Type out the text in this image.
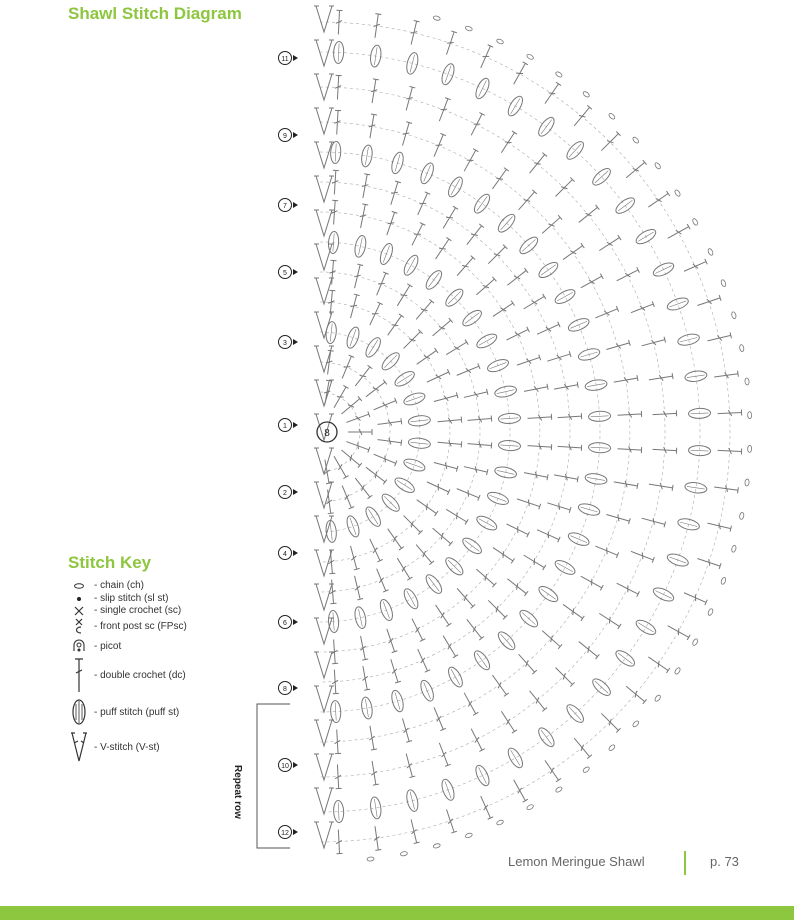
Shawl Stitch Diagram
11
9
7
5
3
1
2
4
6
8
10
12
8
Repeat row
Stitch Key
- chain (ch)
- slip stitch (sl st)
- single crochet (sc)
- front post sc (FPsc)
- picot
- double crochet (dc)
- puff stitch (puff st)
- V-stitch (V-st)
Lemon Meringue Shawl	p. 73
